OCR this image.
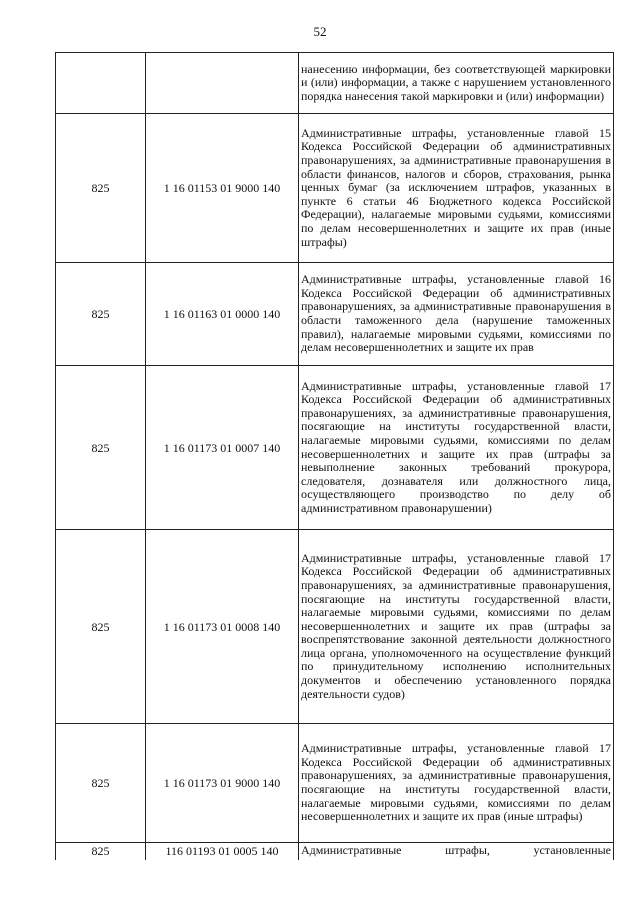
52
		нанесению информации, без соответствующей маркировки и (или) информации, а также с нарушением установленного порядка нанесения такой маркировки и (или) информации)
825	1 16 01153 01 9000 140	Административные штрафы, установленные главой 15 Кодекса Российской Федерации об административных правонарушениях, за административные правонарушения в области финансов, налогов и сборов, страхования, рынка ценных бумаг (за исключением штрафов, указанных в пункте 6 статьи 46 Бюджетного кодекса Российской Федерации), налагаемые мировыми судьями, комиссиями по делам несовершеннолетних и защите их прав (иные штрафы)
825	1 16 01163 01 0000 140	Административные штрафы, установленные главой 16 Кодекса Российской Федерации об административных правонарушениях, за административные правонарушения в области таможенного дела (нарушение таможенных правил), налагаемые мировыми судьями, комиссиями по делам несовершеннолетних и защите их прав
825	1 16 01173 01 0007 140	Административные штрафы, установленные главой 17 Кодекса Российской Федерации об административных правонарушениях, за административные правонарушения, посягающие на институты государственной власти, налагаемые мировыми судьями, комиссиями по делам несовершеннолетних и защите их прав (штрафы за невыполнение законных требований прокурора, следователя, дознавателя или должностного лица, осуществляющего производство по делу об административном правонарушении)
825	1 16 01173 01 0008 140	Административные штрафы, установленные главой 17 Кодекса Российской Федерации об административных правонарушениях, за административные правонарушения, посягающие на институты государственной власти, налагаемые мировыми судьями, комиссиями по делам несовершеннолетних и защите их прав (штрафы за воспрепятствование законной деятельности должностного лица органа, уполномоченного на осуществление функций по принудительному исполнению исполнительных документов и обеспечению установленного порядка деятельности судов)
825	1 16 01173 01 9000 140	Административные штрафы, установленные главой 17 Кодекса Российской Федерации об административных правонарушениях, за административные правонарушения, посягающие на институты государственной власти, налагаемые мировыми судьями, комиссиями по делам несовершеннолетних и защите их прав (иные штрафы)
825	116 01193 01 0005 140	Административные штрафы, установленные
